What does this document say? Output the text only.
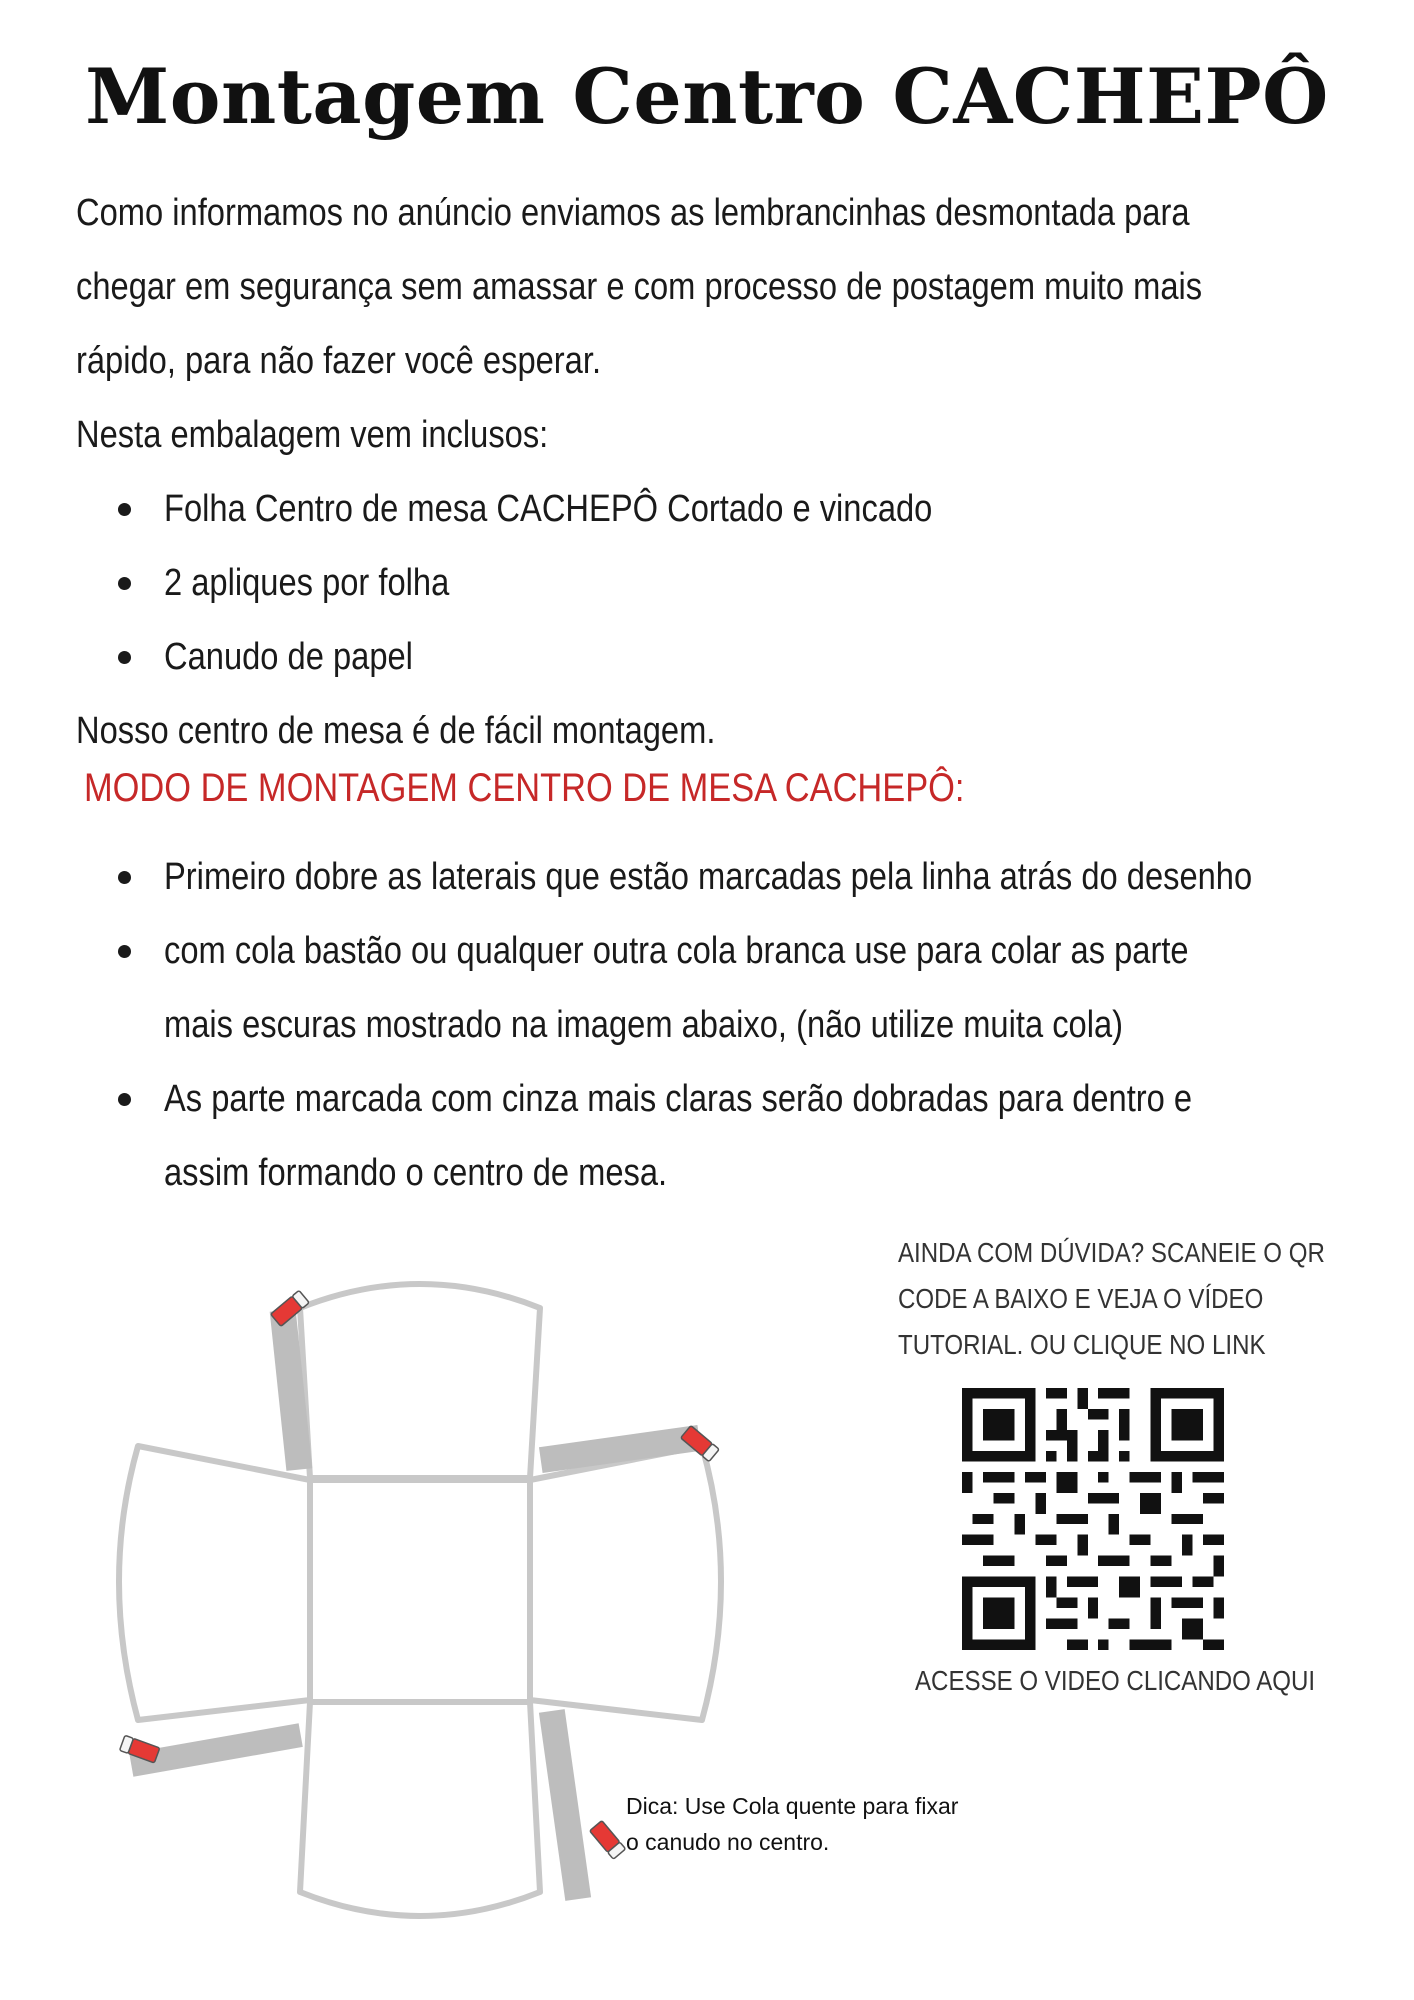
Montagem Centro CACHEPÔ
Como informamos no anúncio enviamos as lembrancinhas desmontada para
chegar em segurança sem amassar e com processo de postagem muito mais
rápido, para não fazer você esperar.
Nesta embalagem vem inclusos:
Folha Centro de mesa CACHEPÔ Cortado e vincado
2 apliques por folha
Canudo de papel
Nosso centro de mesa é de fácil montagem.
MODO DE MONTAGEM CENTRO DE MESA CACHEPÔ:
Primeiro dobre as laterais que estão marcadas pela linha atrás do desenho
com cola bastão ou qualquer outra cola branca use para colar as parte
mais escuras mostrado na imagem abaixo, (não utilize muita cola)
As parte marcada com cinza mais claras serão dobradas para dentro e
assim formando o centro de mesa.
AINDA COM DÚVIDA? SCANEIE O QR
CODE A BAIXO E VEJA O VÍDEO
TUTORIAL. OU CLIQUE NO LINK
ACESSE O VIDEO CLICANDO AQUI
Dica: Use Cola quente para fixar
o canudo no centro.
